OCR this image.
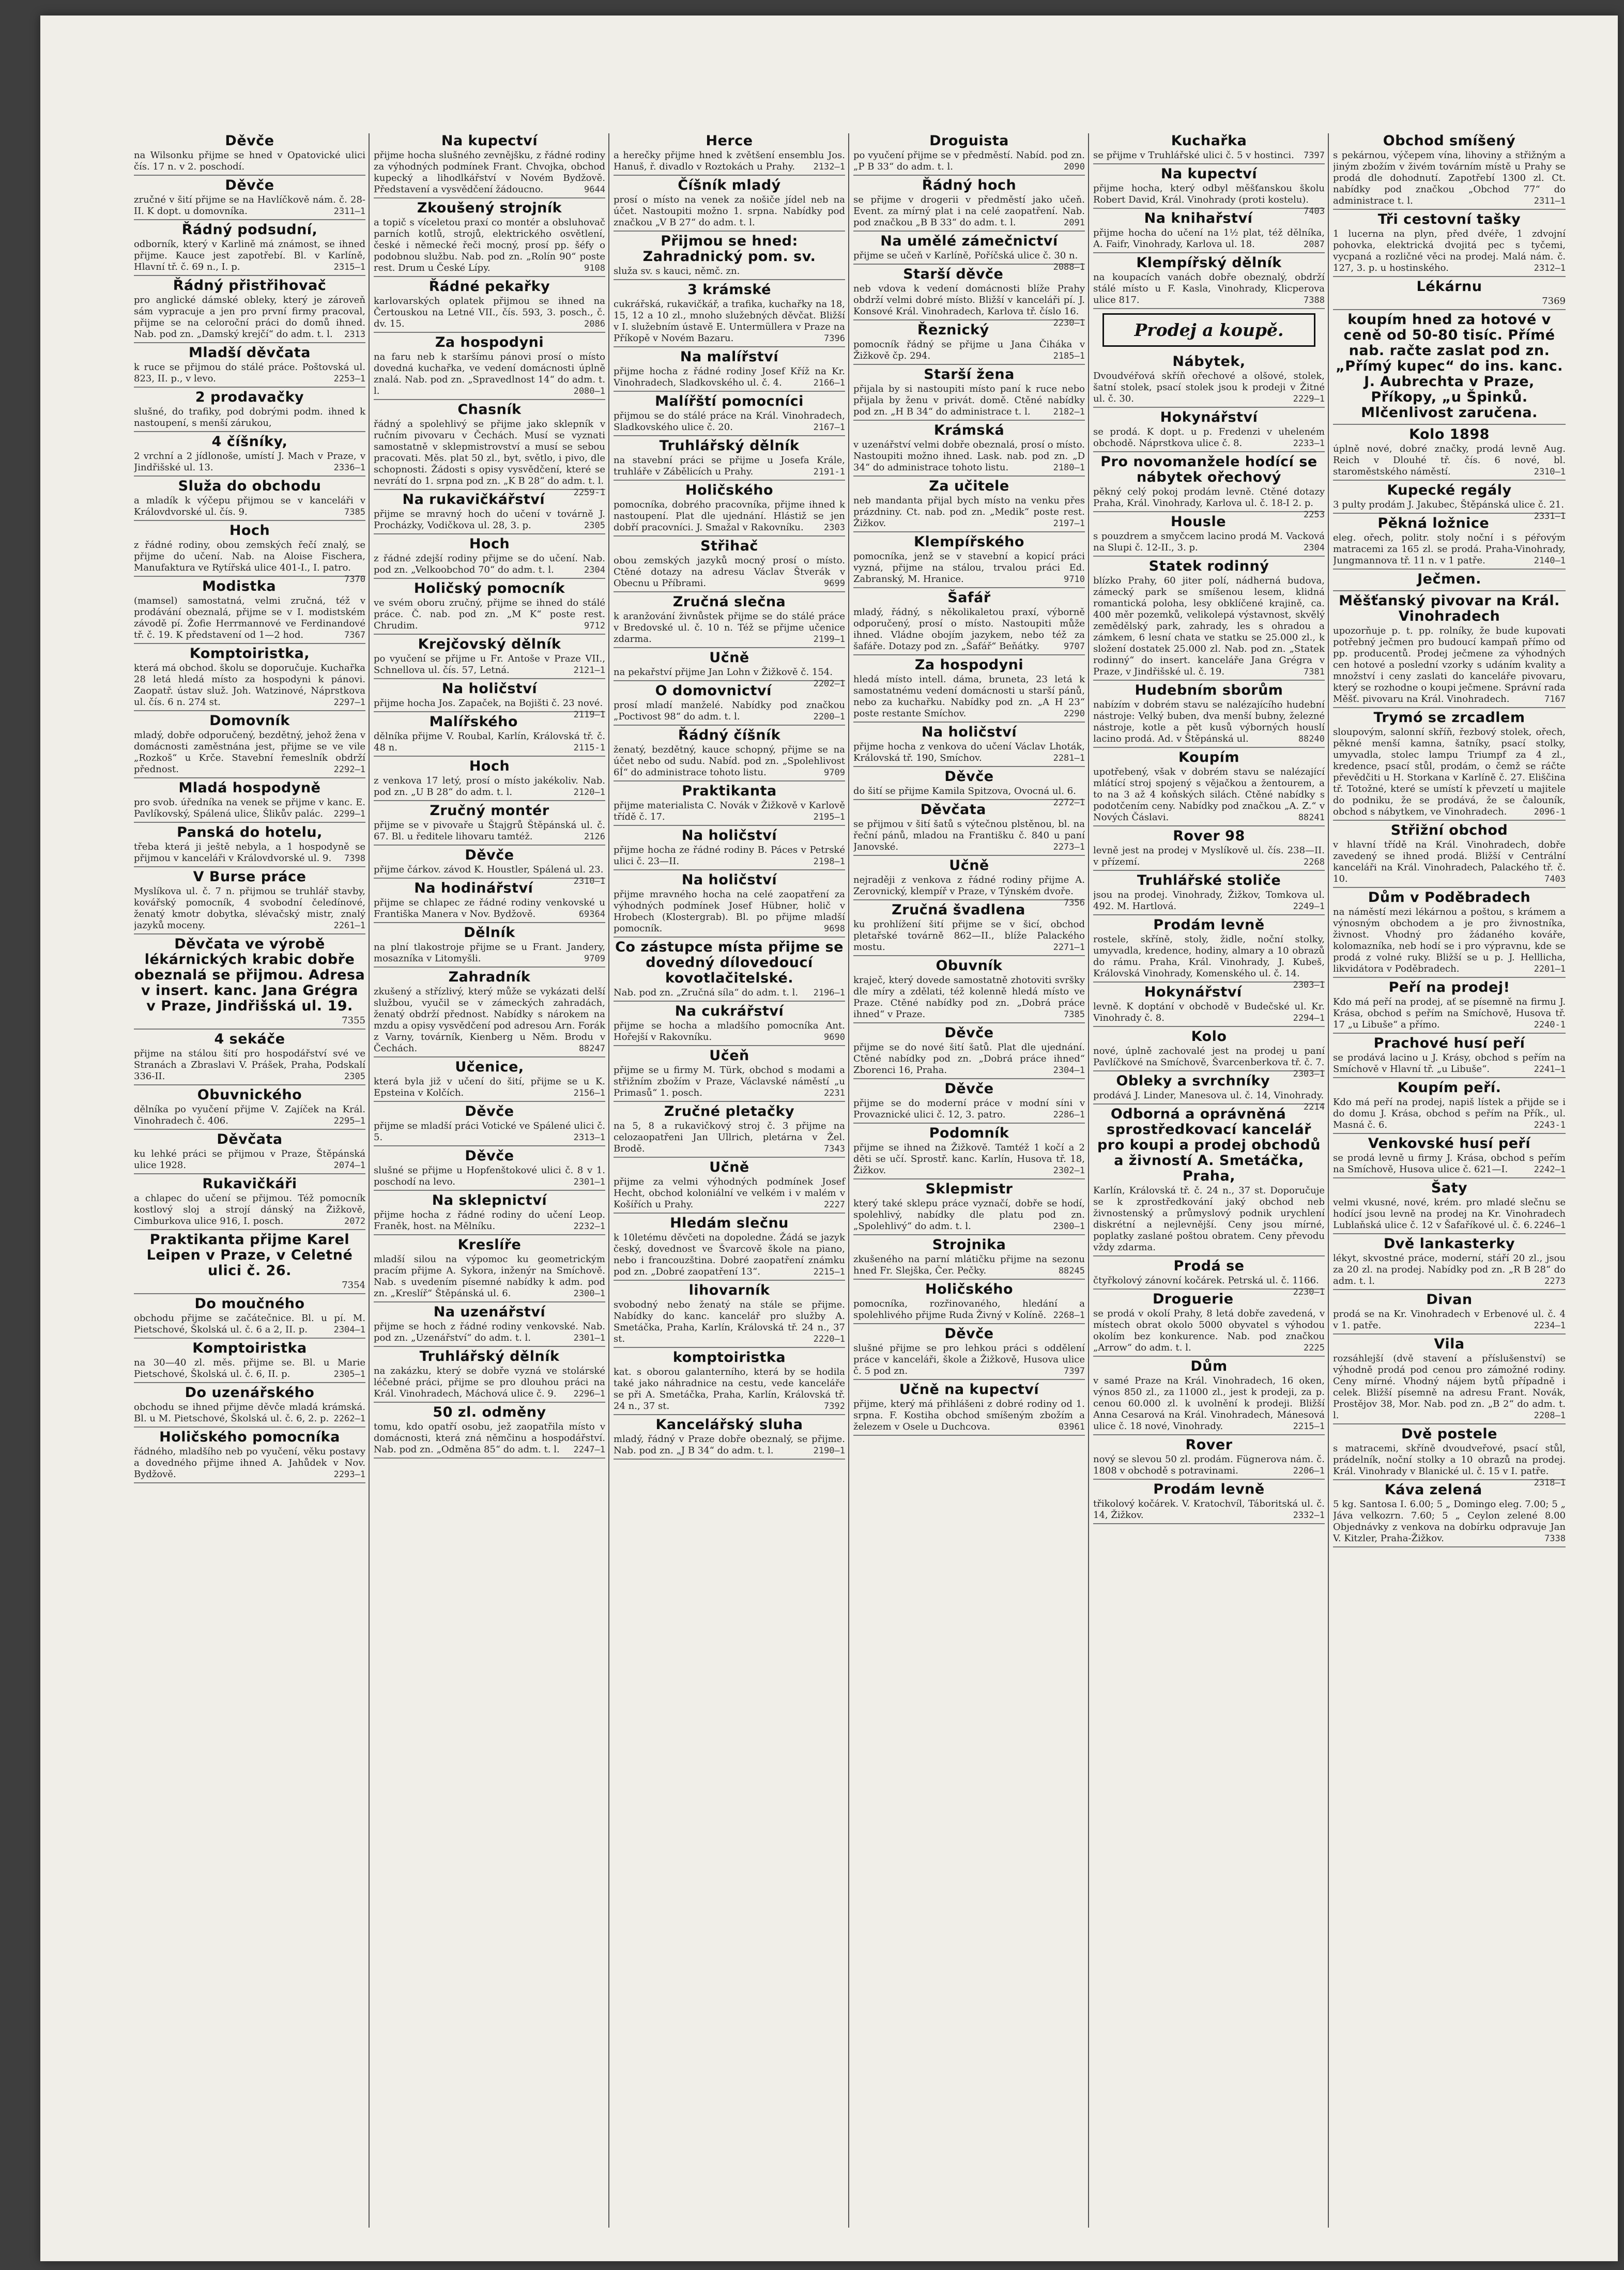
Děvče

na Wilsonku přijme se hned v Opatovické ulici čís. 17 n. v 2. poschodí.

Děvče

zručné v šití přijme se na Havlíčkově nám. č. 28-II. K dopt. u domovníka.	2311—1

Řádný podsudní,

odborník, který v Karlině má známost, se ihned přijme. Kauce jest zapotřebí. Bl. v Karlíně, Hlavní tř. č. 69 n., I. p.	2315—1

Řádný přistřihovač

pro anglické dámské obleky, který je zároveň sám vypracuje a jen pro první firmy pracoval, přijme se na celoroční práci do domů ihned. Nab. pod zn. „Damský krejčí“ do adm. t. l. 2313

Mladší děvčata

k ruce se přijmou do stálé práce. Poštovská ul. 823, II. p., v levo.	2253—1

2 prodavačky

slušné, do trafiky, pod dobrými podm. ihned k nastoupení, s menší zárukou,

4 číšníky,

2 vrchní a 2 jídlonoše, umístí J. Mach v Praze, v Jindřišské ul. 13.	2336—1

Služa do obchodu

a mladík k výčepu přijmou se v kanceláři v Královdvorské ul. čís. 9.	7385

Hoch

z řádné rodiny, obou zemských řečí znalý, se přijme do učení. Nab. na Aloise Fischera, Manufaktura ve Rytířská ulice 401-I., I. patro.
7370

Modistka

(mamsel) samostatná, velmi zručná, též v prodávání obeznalá, přijme se v I. modistském závodě pí. Žofie Herrmannové ve Ferdinandové tř. č. 19. K představení od 1—2 hod.	7367

Komptoiristka,

která má obchod. školu se doporučuje. Kuchařka 28 letá hledá místo za hospodyni k pánovi. Zaopatř. ústav služ. Joh. Watzinové, Náprstkova ul. čís. 6 n. 274 st.	2297—1

Domovník

mladý, dobře odporučený, bezdětný, jehož žena v domácnosti zaměstnána jest, přijme se ve vile „Rozkoš“ u Krče. Stavební řemeslník obdrží přednost.	2292—1

Mladá hospodyně

pro svob. úředníka na venek se přijme v kanc. E. Pavlíkovský, Spálená ulice, Šlikův palác. 2299—1

Panská do hotelu,

třeba která ji ještě nebyla, a 1 hospodyně se přijmou v kanceláři v Královdvorské ul. 9. 7398

V Burse práce

Myslíkova ul. č. 7 n. přijmou se truhlář stavby, kovářský pomocník, 4 svobodní čeledínové, ženatý kmotr dobytka, slévačský mistr, znalý jazyků moceny.	2261—1

Děvčata ve výrobě lékárnických krabic dobře obeznalá se přijmou. Adresa v insert. kanc. Jana Grégra v Praze, Jindřišská ul. 19.

7355

4 sekáče

přijme na stálou šití pro hospodářství své ve Stranách a Zbraslavi V. Prášek, Praha, Podskalí 336-II.	2305

Obuvnického

dělníka po vyučení přijme V. Zajíček na Král. Vinohradech č. 406.	2295—1

Děvčata

ku lehké práci se přijmou v Praze, Štěpánská ulice 1928.	2074—1

Rukavičkáři

a chlapec do učení se přijmou. Též pomocník kostlový sloj a strojí dánský na Žižkově, Cimburkova ulice 916, I. posch.	2072

Praktikanta přijme Karel Leipen v Praze, v Celetné ulici č. 26.

7354

Do moučného

obchodu přijme se začátečnice. Bl. u pí. M. Pietschové, Školská ul. č. 6 a 2, II. p.	2304—1

Komptoiristka

na 30—40 zl. měs. přijme se. Bl. u Marie Pietschové, Školská ul. č. 6, II. p.	2305—1

Do uzenářského

obchodu se ihned přijme děvče mladá krámská. Bl. u M. Pietschové, Školská ul. č. 6, 2. p. 2262—1

Holičského pomocníka

řádného, mladšího neb po vyučení, věku postavy a dovedného přijme ihned A. Jahůdek v Nov. Bydžově.	2293—1

Na kupectví

přijme hocha slušného zevnějšku, z řádné rodiny za výhodných podmínek Frant. Chvojka, obchod kupecký a lihodlkářství v Novém Bydžově. Představení a vysvědčení žádoucno.	9644

Zkoušený strojník

a topič s víceletou praxí co montér a obsluhovač parních kotlů, strojů, elektrického osvětlení, české i německé řeči mocný, prosí pp. šéfy o podobnou službu. Nab. pod zn. „Rolín 90“ poste rest. Drum u České Lípy.	9108

Řádné pekařky

karlovarských oplatek přijmou se ihned na Čertouskou na Letné VII., čís. 593, 3. posch., č. dv. 15.	2086

Za hospodyni

na faru neb k staršímu pánovi prosí o místo dovedná kuchařka, ve vedení domácnosti úplně znalá. Nab. pod zn. „Spravedlnost 14“ do adm. t. l.	2080—1

Chasník

řádný a spolehlivý se přijme jako sklepník v ručním pivovaru v Čechách. Musí se vyznati samostatně v sklepmistrovství a musí se sebou pracovati. Měs. plat 50 zl., byt, světlo, i pivo, dle schopnosti. Žádosti s opisy vysvědčení, které se nevrátí do 1. srpna pod zn. „K B 28“ do adm. t. l.
2259-1

Na rukavičkářství

přijme se mravný hoch do učení v továrně J. Procházky, Vodičkova ul. 28, 3. p.	2305

Hoch

z řádné zdejší rodiny přijme se do učení. Nab. pod zn. „Velkoobchod 70“ do adm. t. l.	2304

Holičský pomocník

ve svém oboru zručný, přijme se ihned do stálé práce. Č. nab. pod zn. „M K“ poste rest. Chrudim.	9712

Krejčovský dělník

po vyučení se přijme u Fr. Antoše v Praze VII., Schnellova ul. čís. 57, Letná.	2121—1

Na holičství

přijme hocha Jos. Zapaček, na Bojišti č. 23 nové.
2119—1

Malířského

dělníka přijme V. Roubal, Karlín, Královská tř. č. 48 n.	2115-1

Hoch

z venkova 17 letý, prosí o místo jakékoliv. Nab. pod zn. „U B 28“ do adm. t. l.	2120—1

Zručný montér

přijme se v pivovaře u Štajgrů Štěpánská ul. č. 67. Bl. u ředitele lihovaru tamtéž.	2126

Děvče

přijme čárkov. závod K. Houstler, Spálená ul. 23.
2310—1

Na hodinářství

přijme se chlapec ze řádné rodiny venkovské u Františka Manera v Nov. Bydžově.	69364

Dělník

na plní tlakostroje přijme se u Frant. Jandery, mosazníka v Litomyšli.	9709

Zahradník

zkušený a střízlivý, který může se vykázati delší službou, vyučil se v zámeckých zahradách, ženatý obdrží přednost. Nabídky s nárokem na mzdu a opisy vysvědčení pod adresou Arn. Forák z Varny, továrník, Kienberg u Něm. Brodu v Čechách.	88247

Učenice,

která byla již v učení do šití, přijme se u K. Epsteina v Kolčích.	2156—1

Děvče

přijme se mladší práci Votické ve Spálené ulici č. 5.	2313—1

Děvče

slušné se přijme u Hopfenštokové ulici č. 8 v 1. poschodí na levo.	2301—1

Na sklepnictví

přijme hocha z řádné rodiny do učení Leop. Franěk, host. na Mělníku.	2232—1

Kreslíře

mladší silou na výpomoc ku geometrickým pracím přijme A. Sykora, inženýr na Smíchově. Nab. s uvedením písemné nabídky k adm. pod zn. „Kreslíř“ Štěpánská ul. 6.	2300—1

Na uzenářství

přijme se hoch z řádné rodiny venkovské. Nab. pod zn. „Uzenářství“ do adm. t. l.	2301—1

Truhlářský dělník

na zakázku, který se dobře vyzná ve stolárské léčebné práci, přijme se pro dlouhou práci na Král. Vinohradech, Máchová ulice č. 9. 2296—1

50 zl. odměny

tomu, kdo opatří osobu, jež zaopatřila místo v domácnosti, která zná němčinu a hospodářství. Nab. pod zn. „Odměna 85“ do adm. t. l. 2247—1

Herce

a herečky přijme hned k zvětšení ensemblu Jos. Hanuš, ř. divadlo v Roztokách u Prahy. 2132—1

Číšník mladý

prosí o místo na venek za nošiče jídel neb na účet. Nastoupiti možno 1. srpna. Nabídky pod značkou „V B 27“ do adm. t. l.

Přijmou se hned: Zahradnický pom. sv.

služa sv. s kauci, němč. zn.

3 krámské

cukrářská, rukavičkář, a trafika, kuchařky na 18, 15, 12 a 10 zl., mnoho služebných děvčat. Bližší v I. služebním ústavě E. Untermüllera v Praze na Příkopě v Novém Bazaru.	7396

Na malířství

přijme hocha z řádné rodiny Josef Kříž na Kr. Vinohradech, Sladkovského ul. č. 4.	2166—1

Malířští pomocníci

přijmou se do stálé práce na Král. Vinohradech, Sladkovského ulice č. 20.	2167—1

Truhlářský dělník

na stavební práci se přijme u Josefa Krále, truhláře v Zábělicích u Prahy.	2191-1

Holičského

pomocníka, dobrého pracovníka, přijme ihned k nastoupení. Plat dle ujednání. Hlástiž se jen dobří pracovníci. J. Smažal v Rakovníku. 2303

Střihač

obou zemských jazyků mocný prosí o místo. Ctěné dotazy na adresu Václav Štverák v Obecnu u Příbrami.	9699

Zručná slečna

k aranžování živnůstek přijme se do stálé práce v Bredovské ul. č. 10 n. Též se přijme učenice zdarma.	2199—1

Učně

na pekařství přijme Jan Lohn v Žižkově č. 154.
2202—1

O domovnictví

prosí mladí manželé. Nabídky pod značkou „Poctivost 98“ do adm. t. l.	2200—1

Řádný číšník

ženatý, bezdětný, kauce schopný, přijme se na účet nebo od sudu. Nabíd. pod zn. „Spolehlivost 6Í“ do administrace tohoto listu.	9709

Praktikanta

přijme materialista C. Novák v Žižkově v Karlově třídě č. 17.	2195—1

Na holičství

přijme hocha ze řádné rodiny B. Páces v Petrské ulici č. 23—II.	2198—1

Na holičství

přijme mravného hocha na celé zaopatření za výhodných podmínek Josef Hübner, holič v Hrobech (Klostergrab). Bl. po přijme mladší pomocník.	9698

Co zástupce místa přijme se dovedný dílovedoucí kovotlačitelské.

Nab. pod zn. „Zručná síla“ do adm. t. l. 2196—1

Na cukrářství

přijme se hocha a mladšího pomocníka Ant. Hořejší v Rakovníku.	9690

Učeň

přijme se u firmy M. Türk, obchod s modami a střižním zbožím v Praze, Václavské náměstí „u Primasů“ 1. posch.	2231

Zručné pletačky

na 5, 8 a rukavičkový stroj č. 3 přijme na celozaopatřeni Jan Ullrich, pletárna v Žel. Brodě.	7343

Učně

přijme za velmi výhodných podmínek Josef Hecht, obchod koloniální ve velkém i v malém v Košířích u Prahy.	2227

Hledám slečnu

k 10letému děvčeti na dopoledne. Žádá se jazyk český, dovednost ve Švarcově škole na piano, nebo i francouzština. Dobré zaopatření známku pod zn. „Dobré zaopatření 13“.	2215—1

lihovarník

svobodný nebo ženatý na stále se přijme. Nabídky do kanc. kancelář pro služby A. Smetáčka, Praha, Karlín, Královská tř. 24 n., 37 st.	2220—1

komptoiristka

kat. s oborou galanterního, která by se hodila také jako náhradnice na cestu, vede kanceláře se při A. Smetáčka, Praha, Karlín, Královská tř. 24 n., 37 st.	7392

Kancelářský sluha

mladý, řádný v Praze dobře obeznalý, se přijme. Nab. pod zn. „J B 34“ do adm. t. l.	2190—1

Droguista

po vyučení přijme se v předměstí. Nabíd. pod zn. „P B 33“ do adm. t. l.	2090

Řádný hoch

se přijme v drogerii v předměstí jako učeň. Event. za mírný plat i na celé zaopatření. Nab. pod značkou „B B 33“ do adm. t. l.	2091

Na umělé zámečnictví

přijme se učeň v Karlíně, Poříčská ulice č. 30 n.
2088—1

Starší děvče

neb vdova k vedení domácnosti blíže Prahy obdrží velmi dobré místo. Bližší v kanceláři pí. J. Konsové Král. Vinohradech, Karlova tř. číslo 16.
2230—1

Řeznický

pomocník řádný se přijme u Jana Čiháka v Žižkově čp. 294.	2185—1

Starší žena

přijala by si nastoupiti místo paní k ruce nebo přijala by ženu v privát. domě. Ctěné nabídky pod zn. „H B 34“ do administrace t. l.	2182—1

Krámská

v uzenářství velmi dobře obeznalá, prosí o místo. Nastoupiti možno ihned. Lask. nab. pod zn. „D 34“ do administrace tohoto listu.	2180—1

Za učitele

neb mandanta přijal bych místo na venku přes prázdniny. Ct. nab. pod zn. „Medik“ poste rest. Žižkov.	2197—1

Klempířského

pomocníka, jenž se v stavební a kopicí práci vyzná, přijme na stálou, trvalou práci Ed. Zabranský, M. Hranice.	9710

Šafář

mladý, řádný, s několikaletou praxí, výborně odporučený, prosí o místo. Nastoupiti může ihned. Vládne obojím jazykem, nebo též za šafáře. Dotazy pod zn. „Šafář“ Beňátky.	9707

Za hospodyni

hledá místo intell. dáma, bruneta, 23 letá k samostatnému vedení domácnosti u starší pánů, nebo za kuchařku. Nabídky pod zn. „A H 23“ poste restante Smíchov.	2290

Na holičství

přijme hocha z venkova do učení Václav Lhoták, Královská tř. 190, Smíchov.	2281—1

Děvče

do šití se přijme Kamila Spitzova, Ovocná ul. 6.
2272—1

Děvčata

se přijmou v šití šatů s výtečnou plstěnou, bl. na řeční pánů, mladou na Františku č. 840 u paní Janovské.	2273—1

Učně

nejraději z venkova z řádné rodiny přijme A. Zerovnický, klempíř v Praze, v Týnském dvoře.
7356

Zručná švadlena

ku prohlížení šití přijme se v šicí, obchod pletařské továrně 862—II., blíže Palackého mostu.	2271—1

Obuvník

kraječ, který dovede samostatně zhotoviti svršky dle míry a zdělati, též kolenně hledá místo ve Praze. Ctěné nabídky pod zn. „Dobrá práce ihned“ v Praze.	7385

Děvče

přijme se do nové šití šatů. Plat dle ujednání. Ctěné nabídky pod zn. „Dobrá práce ihned“ Zborenci 16, Praha.	2304—1

Děvče

přijme se do moderní práce v modní síni v Provaznické ulici č. 12, 3. patro.	2286—1

Podomník

přijme se ihned na Žižkově. Tamtéž 1 kočí a 2 děti se učí. Sprostř. kanc. Karlín, Husova tř. 18, Žižkov.	2302—1

Sklepmistr

který také sklepu práce vyznačí, dobře se hodí, spolehlivý, nabídky dle platu pod zn. „Spolehlivý“ do adm. t. l.	2300—1

Strojnika

zkušeného na parní mlátičku přijme na sezonu hned Fr. Slejška, Čer. Pečky.	88245

Holičského

pomocníka, rozřinovaného, hledání a spolehlivého přijme Ruda Živný v Kolíně. 2268—1

Děvče

slušné přijme se pro lehkou práci s oddělení práce v kanceláři, škole a Žižkově, Husova ulice č. 5 pod zn.	7397

Učně na kupectví

přijme, který má přihlášeni z dobré rodiny od 1. srpna. F. Kostiha obchod smíšeným zbožím a železem v Osele u Duchcova.	03961

Kuchařka

se přijme v Truhlářské ulici č. 5 v hostinci. 7397

Na kupectví

přijme hocha, který odbyl měšťanskou školu Robert David, Král. Vinohrady (proti kostelu).
7403

Na knihařství

přijme hocha do učení na 1½ plat, též dělníka, A. Faifr, Vinohrady, Karlova ul. 18.	2087

Klempířský dělník

na koupacích vanách dobře obeznalý, obdrží stálé místo u F. Kasla, Vinohrady, Klicperova ulice 817.	7388

Prodej a koupě.
Nábytek,

Dvoudvéřová skříň ořechové a olšové, stolek, šatní stolek, psací stolek jsou k prodeji v Žitné ul. č. 30.	2229—1

Hokynářství

se prodá. K dopt. u p. Fredenzi v uheleném obchodě. Náprstkova ulice č. 8.	2233—1

Pro novomanžele hodící se nábytek ořechový

pěkný celý pokoj prodám levně. Ctěné dotazy Praha, Král. Vinohrady, Karlova ul. č. 18-I 2. p.
2253

Housle

s pouzdrem a smyčcem lacino prodá M. Vacková na Slupi č. 12-II., 3. p.	2304

Statek rodinný

blízko Prahy, 60 jiter polí, nádherná budova, zámecký park se smíšenou lesem, klidná romantická poloha, lesy obklíčené krajině, ca. 400 měr pozemků, velikolepá výstavnost, skvělý zemědělský park, zahrady, les s ohradou a zámkem, 6 lesní chata ve statku se 25.000 zl., k složení dostatek 25.000 zl. Nab. pod zn. „Statek rodinný“ do insert. kanceláře Jana Grégra v Praze, v Jindřišské ul. č. 19.	7381

Hudebním sborům

nabízím v dobrém stavu se nalézajícího hudební nástroje: Velký buben, dva menší bubny, železné nástroje, kotle a pět kusů výborných houslí lacino prodá. Ad. v Štěpánská ul.	88240

Koupím

upotřebený, však v dobrém stavu se nalézající mlátící stroj spojený s vějačkou a žentourem, a to na 3 až 4 koňských silách. Ctěné nabídky s podotčením ceny. Nabídky pod značkou „A. Z.“ v Nových Čáslavi.	88241

Rover 98

levně jest na prodej v Myslíkově ul. čís. 238—II. v přízemí.	2268

Truhlářské stoliče

jsou na prodej. Vinohrady, Žižkov, Tomkova ul. 492. M. Hartlová.	2249—1

Prodám levně

rostele, skříně, stoly, židle, noční stolky, umyvadla, kredence, hodiny, almary a 10 obrazů do rámu. Praha, Král. Vinohrady, J. Kubeš, Královská Vinohrady, Komenského ul. č. 14.
2303—1

Hokynářství

levně. K doptání v obchodě v Budečské ul. Kr. Vinohrady č. 8.	2294—1

Kolo

nové, úplně zachovalé jest na prodej u paní Pavlíčkové na Smíchově, Švarcenberkova tř. č. 7.
2303—1

Obleky a svrchníky

prodává J. Linder, Manesova ul. č. 14, Vinohrady.
2214

Odborná a oprávněná sprostředkovací kancelář pro koupi a prodej obchodů a živností A. Smetáčka, Praha,

Karlín, Královská tř. č. 24 n., 37 st. Doporučuje se k zprostředkování jaký obchod neb živnostenský a průmyslový podnik urychlení diskrétní a nejlevnější. Ceny jsou mírné, poplatky zaslané poštou obratem. Ceny převodu vždy zdarma.

Prodá se

čtyřkolový zánovní kočárek. Petrská ul. č. 1166.
2230—1

Droguerie

se prodá v okolí Prahy, 8 letá dobře zavedená, v místech obrat okolo 5000 obyvatel s výhodou okolím bez konkurence. Nab. pod značkou „Arrow“ do adm. t. l.	2225

Dům

v samé Praze na Král. Vinohradech, 16 oken, výnos 850 zl., za 11000 zl., jest k prodeji, za p. cenou 60.000 zl. k uvolnění k prodeji. Bližší Anna Cesarová na Král. Vinohradech, Mánesová ulice č. 18 nové, Vinohrady.	2215—1

Rover

nový se slevou 50 zl. prodám. Fügnerova nám. č. 1808 v obchodě s potravinami.	2206—1

Prodám levně

třikolový kočárek. V. Kratochvíl, Táboritská ul. č. 14, Žižkov.	2332—1

Obchod smíšený

s pekárnou, výčepem vína, lihoviny a střižným a jiným zbožím v živém továrním místě u Prahy se prodá dle dohodnutí. Zapotřebí 1300 zl. Ct. nabídky pod značkou „Obchod 77“ do administrace t. l.	2311—1

Tři cestovní tašky

1 lucerna na plyn, před dvéře, 1 zdvojní pohovka, elektrická dvojitá pec s tyčemi, vycpaná a rozličné věci na prodej. Malá nám. č. 127, 3. p. u hostinského.	2312—1

Lékárnu

7369

koupím hned za hotové v ceně od 50-80 tisíc. Přímé nab. račte zaslat pod zn. „Přímý kupec“ do ins. kanc. J. Aubrechta v Praze, Příkopy, „u Špinků. Mlčenlivost zaručena.
Kolo 1898

úplně nové, dobré značky, prodá levně Aug. Reich v Dlouhé tř. čís. 6 nové, bl. staroměstského náměstí.	2310—1

Kupecké regály

3 pulty prodám J. Jakubec, Štěpánská ulice č. 21.
2331—1

Pěkná ložnice

eleg. ořech, politr. stoly noční i s péřovým matracemi za 165 zl. se prodá. Praha-Vinohrady, Jungmannova tř. 11 n. v 1 patře.	2140—1

Ječmen.
Měšťanský pivovar na Král. Vinohradech

upozorňuje p. t. pp. rolníky, že bude kupovati potřebný ječmen pro budoucí kampaň přímo od pp. producentů. Prodej ječmene za výhodných cen hotové a poslední vzorky s udáním kvality a množství i ceny zaslati do kanceláře pivovaru, který se rozhodne o koupi ječmene. Správní rada Měšť. pivovaru na Král. Vinohradech.	7167

Trymó se zrcadlem

sloupovým, salonní skříň, řezbový stolek, ořech, pěkné menší kamna, šatníky, psací stolky, umyvadla, stolec lampu Triumpf za 4 zl., kredence, psací stůl, prodám, o čemž se ráčte převědčiti u H. Storkana v Karlíně č. 27. Eliščina tř. Totožné, které se umístí k převzetí u majitele do podniku, že se prodává, že se čalouník, obchod s nábytkem, ve Vinohradech.	2096-1

Střižní obchod

v hlavní třídě na Král. Vinohradech, dobře zavedený se ihned prodá. Bližší v Centrální kanceláři na Král. Vinohradech, Palackého tř. č. 10.	7403

Dům v Poděbradech

na náměstí mezi lékárnou a poštou, s krámem a výnosným obchodem a je pro živnostníka, živnost. Vhodný pro žádaného kováře, kolomazníka, neb hodí se i pro výpravnu, kde se prodá z volné ruky. Bližší se u p. J. Helllicha, likvidátora v Poděbradech.	2201—1

Peří na prodej!

Kdo má peří na prodej, ať se písemně na firmu J. Krása, obchod s peřím na Smíchově, Husova tř. 17 „u Libuše“ a přímo.	2240-1

Prachové husí peří

se prodává lacino u J. Krásy, obchod s peřím na Smíchově v Hlavní tř. „u Libuše“.	2241—1

Koupím peří.

Kdo má peří na prodej, napiš lístek a přijde se i do domu J. Krása, obchod s peřím na Přík., ul. Masná č. 6.	2243-1

Venkovské husí peří

se prodá levně u firmy J. Krása, obchod s peřím na Smíchově, Husova ulice č. 621—I.	2242—1

Šaty

velmi vkusné, nové, krém. pro mladé slečnu se hodící jsou levně na prodej na Kr. Vinohradech Lublaňská ulice č. 12 v Šafaříkové ul. č. 6. 2246—1

Dvě lankasterky

lékyt, skvostné práce, moderní, stáří 20 zl., jsou za 20 zl. na prodej. Nabídky pod zn. „R B 28“ do adm. t. l.	2273

Divan

prodá se na Kr. Vinohradech v Erbenové ul. č. 4 v 1. patře.	2234—1

Vila

rozsáhlejší (dvě stavení a příslušenství) se výhodně prodá pod cenou pro zámožné rodiny. Ceny mírné. Vhodný nájem bytů případně i celek. Bližší písemně na adresu Frant. Novák, Prostějov 38, Mor. Nab. pod zn. „B 2“ do adm. t. l.	2208—1

Dvě postele

s matracemi, skříně dvoudveřové, psací stůl, prádelník, noční stolky a 10 obrazů na prodej. Král. Vinohrady v Blanické ul. č. 15 v I. patře.
2318—1

Káva zelená

5 kg. Santosa I. 6.00; 5 „ Domingo eleg. 7.00; 5 „ Jáva velkozrn. 7.60; 5 „ Ceylon zelené 8.00 Objednávky z venkova na dobírku odpravuje Jan V. Kitzler, Praha-Žižkov.	7338
